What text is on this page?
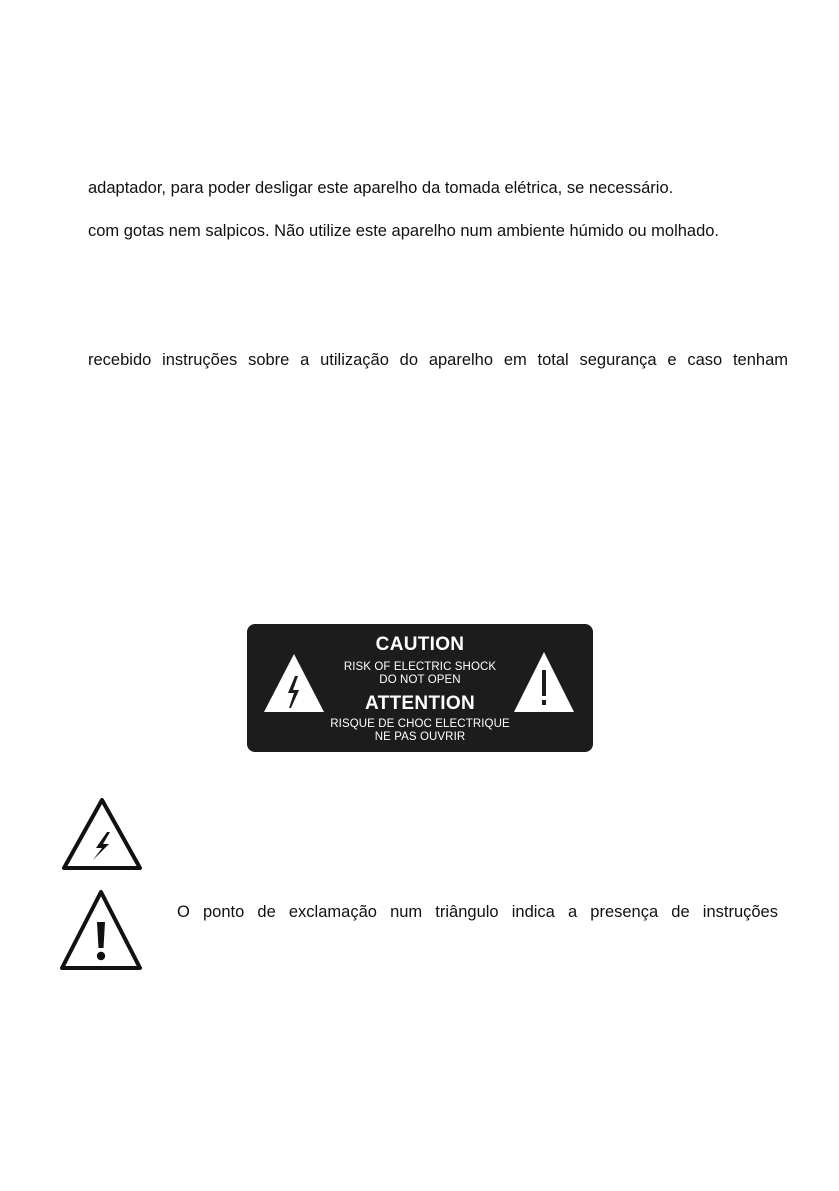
adaptador, para poder desligar este aparelho da tomada elétrica, se necessário.
com gotas nem salpicos. Não utilize este aparelho num ambiente húmido ou molhado.
recebido instruções sobre a utilização do aparelho em total segurança e caso tenham
CAUTION
RISK OF ELECTRIC SHOCK
DO NOT OPEN
ATTENTION
RISQUE DE CHOC ELECTRIQUE
NE PAS OUVRIR
O ponto de exclamação num triângulo indica a presença de instruções
